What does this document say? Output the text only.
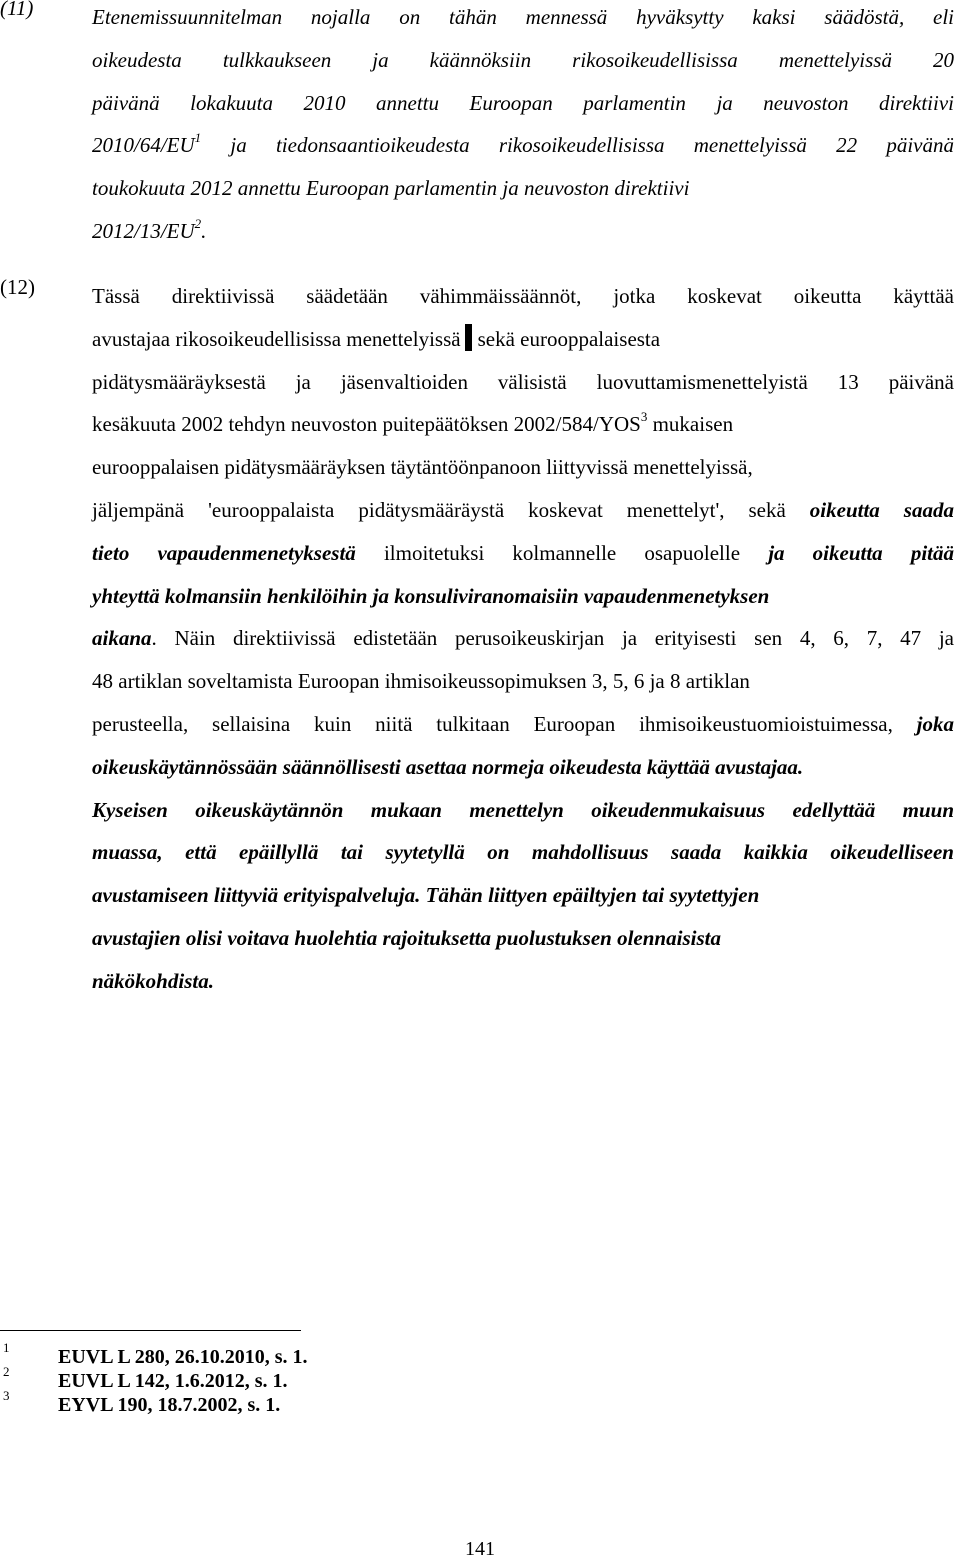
(11)	Etenemissuunnitelman nojalla on tähän mennessä hyväksytty kaksi säädöstä, eli
oikeudesta tulkkaukseen ja käännöksiin rikosoikeudellisissa menettelyissä 20
päivänä lokakuuta 2010 annettu Euroopan parlamentin ja neuvoston direktiivi
$2010/64/EU^1$ ja tiedonsaantioikeudesta rikosoikeudellisissa menettelyissä 22 päivänä
toukokuuta 2012 annettu Euroopan parlamentin ja neuvoston direktiivi
$2012/13/EU^2$.
(12)	Tässä direktiivissä säädetään vähimmäissäännöt, jotka koskevat oikeutta käyttää
avustajaa rikosoikeudellisissa menettelyissä sekä eurooppalaisesta
pidätysmääräyksestä ja jäsenvaltioiden välisistä luovuttamismenettelyistä 13 päivänä
kesäkuuta 2002 tehdyn neuvoston puitepäätöksen 2002/584/YOS$^3$ mukaisen
eurooppalaisen pidätysmääräyksen täytäntöönpanoon liittyvissä menettelyissä,
jäljempänä 'eurooppalaista pidätysmääräystä koskevat menettelyt', sekä oikeutta saada
tieto vapaudenmenetyksestä ilmoitetuksi kolmannelle osapuolelle ja oikeutta pitää
yhteyttä kolmansiin henkilöihin ja konsuliviranomaisiin vapaudenmenetyksen
aikana. Näin direktiivissä edistetään perusoikeuskirjan ja erityisesti sen 4, 6, 7, 47 ja
48 artiklan soveltamista Euroopan ihmisoikeussopimuksen 3, 5, 6 ja 8 artiklan
perusteella, sellaisina kuin niitä tulkitaan Euroopan ihmisoikeustuomioistuimessa, joka
oikeuskäytännössään säännöllisesti asettaa normeja oikeudesta käyttää avustajaa.
Kyseisen oikeuskäytännön mukaan menettelyn oikeudenmukaisuus edellyttää muun
muassa, että epäillyllä tai syytetyllä on mahdollisuus saada kaikkia oikeudelliseen
avustamiseen liittyviä erityispalveluja. Tähän liittyen epäiltyjen tai syytettyjen
avustajien olisi voitava huolehtia rajoituksetta puolustuksen olennaisista
näkökohdista.
1 EUVL L 280, 26.10.2010, s. 1.
2 EUVL L 142, 1.6.2012, s. 1.
3 EYVL 190, 18.7.2002, s. 1.
141
